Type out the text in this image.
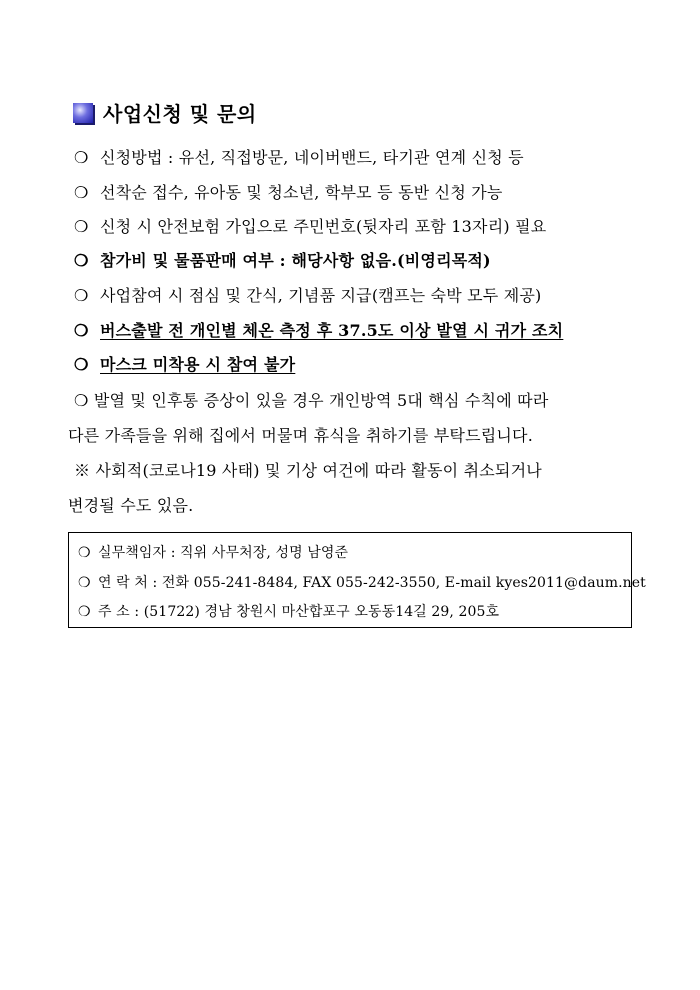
사업신청 및 문의
❍ 신청방법 : 유선, 직접방문, 네이버밴드, 타기관 연계 신청 등
❍ 선착순 접수, 유아동 및 청소년, 학부모 등 동반 신청 가능
❍ 신청 시 안전보험 가입으로 주민번호(뒷자리 포함 13자리) 필요
❍ 참가비 및 물품판매 여부 : 해당사항 없음.(비영리목적)
❍ 사업참여 시 점심 및 간식, 기념품 지급(캠프는 숙박 모두 제공)
❍ 버스출발 전 개인별 체온 측정 후 37.5도 이상 발열 시 귀가 조치
❍ 마스크 미착용 시 참여 불가
❍ 발열 및 인후통 증상이 있을 경우 개인방역 5대 핵심 수칙에 따라
다른 가족들을 위해 집에서 머물며 휴식을 취하기를 부탁드립니다.
※ 사회적(코로나19 사태) 및 기상 여건에 따라 활동이 취소되거나
변경될 수도 있음.
❍ 실무책임자 : 직위 사무처장, 성명 남영준
❍ 연 락 처 : 전화 055-241-8484, FAX 055-242-3550, E-mail kyes2011@daum.net
❍ 주 소 : (51722) 경남 창원시 마산합포구 오동동14길 29, 205호
